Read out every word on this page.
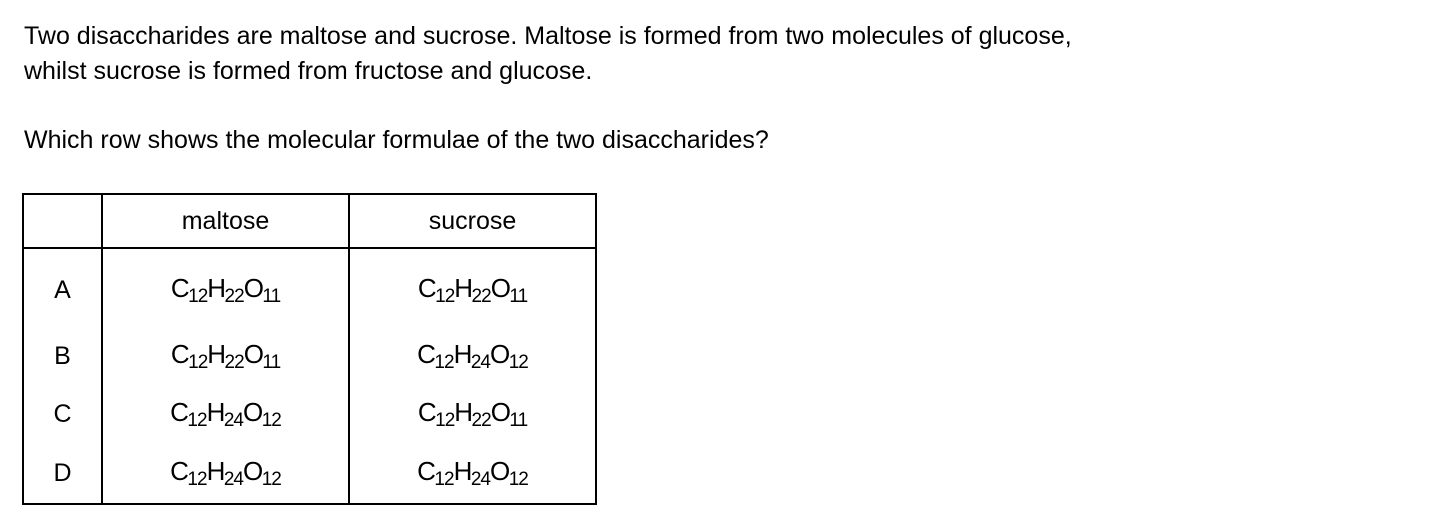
Two disaccharides are maltose and sucrose. Maltose is formed from two molecules of glucose,
whilst sucrose is formed from fructose and glucose.

Which row shows the molecular formulae of the two disaccharides?

	maltose	sucrose
A	$C_{12}H_{22}O_{11}$	$C_{12}H_{22}O_{11}$
B	$C_{12}H_{22}O_{11}$	$C_{12}H_{24}O_{12}$
C	$C_{12}H_{24}O_{12}$	$C_{12}H_{22}O_{11}$
D	$C_{12}H_{24}O_{12}$	$C_{12}H_{24}O_{12}$
